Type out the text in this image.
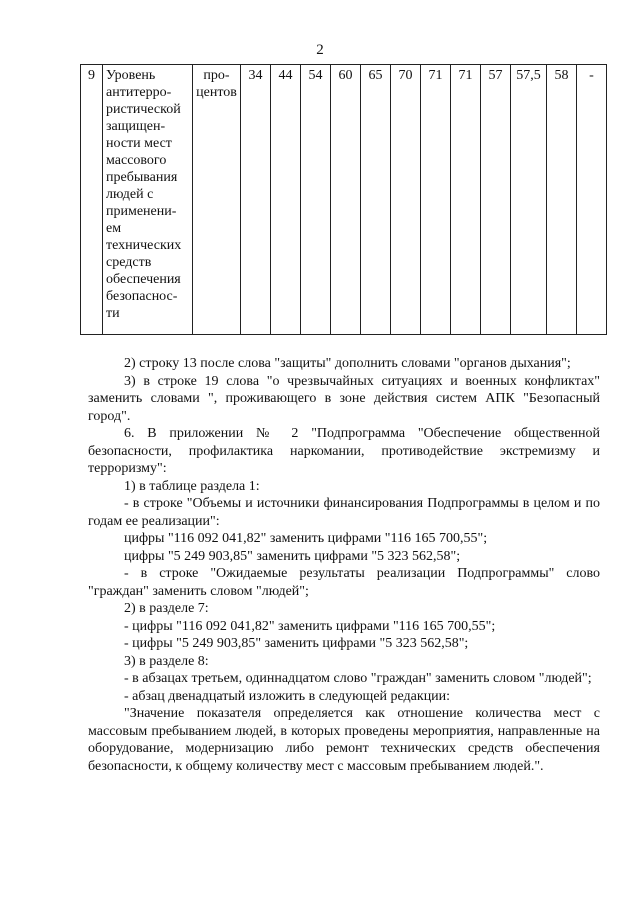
2
9	Уровень
антитерро-
ристической
защищен-
ности мест
массового
пребывания
людей с
применени-
ем
технических
средств
обеспечения
безопаснос-
ти	про-
центов	34	44	54	60	65	70	71	71	57	57,5	58	-

2) строку 13 после слова "защиты" дополнить словами "органов дыхания";

3) в строке 19 слова "о чрезвычайных ситуациях и военных конфликтах" заменить словами ", проживающего в зоне действия систем АПК "Безопасный город".

6. В приложении № 2 "Подпрограмма "Обеспечение общественной безопасности, профилактика наркомании, противодействие экстремизму и терроризму":

1) в таблице раздела 1:

- в строке "Объемы и источники финансирования Подпрограммы в целом и по годам ее реализации":

цифры "116 092 041,82" заменить цифрами "116 165 700,55";

цифры "5 249 903,85" заменить цифрами "5 323 562,58";

- в строке "Ожидаемые результаты реализации Подпрограммы" слово "граждан" заменить словом "людей";

2) в разделе 7:

- цифры "116 092 041,82" заменить цифрами "116 165 700,55";

- цифры "5 249 903,85" заменить цифрами "5 323 562,58";

3) в разделе 8:

- в абзацах третьем, одиннадцатом слово "граждан" заменить словом "людей";

- абзац двенадцатый изложить в следующей редакции:

"Значение показателя определяется как отношение количества мест с массовым пребыванием людей, в которых проведены мероприятия, направленные на оборудование, модернизацию либо ремонт технических средств обеспечения безопасности, к общему количеству мест с массовым пребыванием людей.".
